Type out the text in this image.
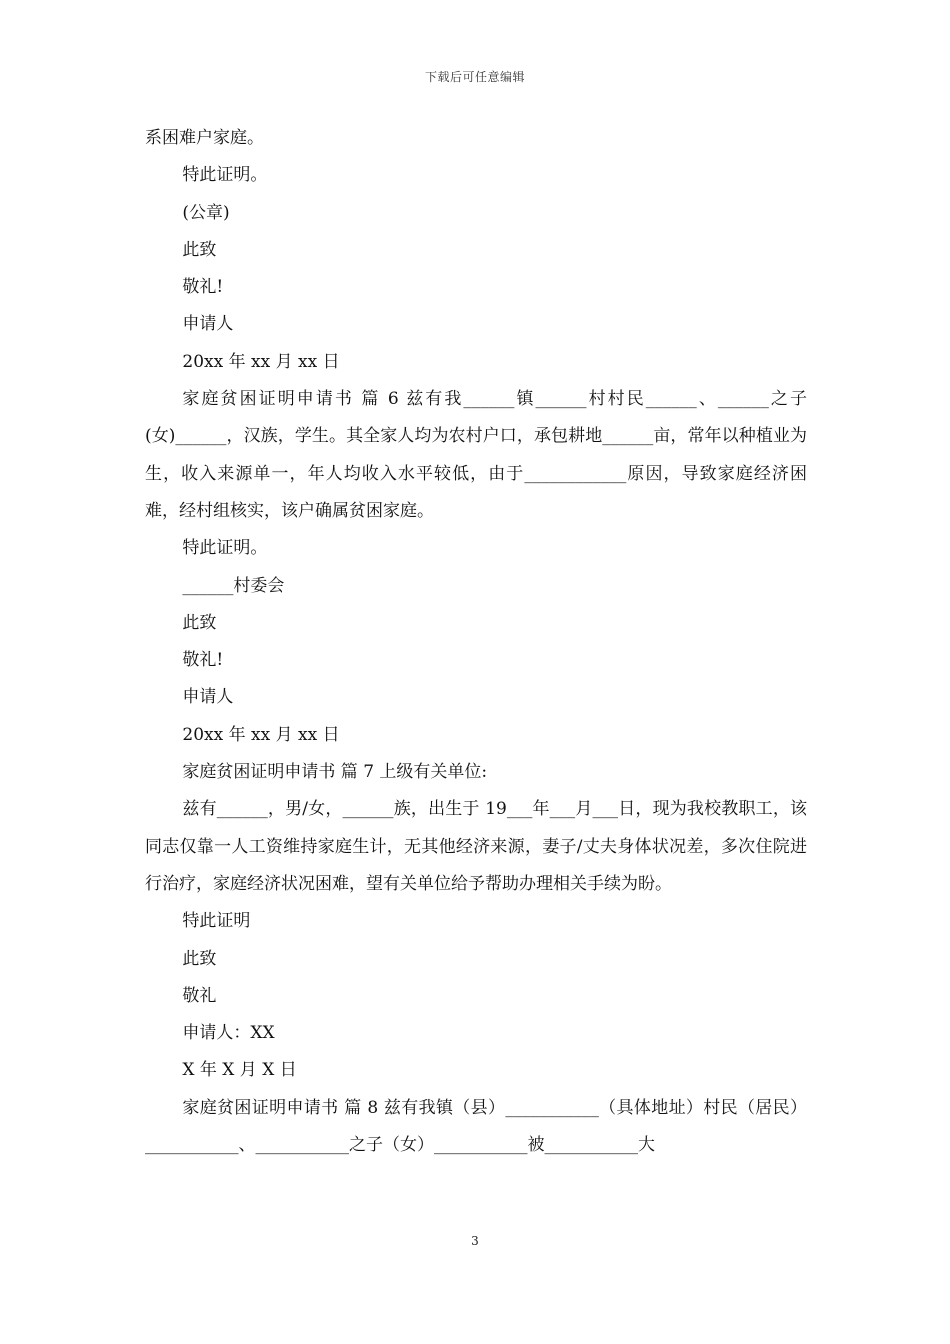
下载后可任意编辑

系困难户家庭。

特此证明。

(公章)

此致

敬礼!

申请人

20xx 年 xx 月 xx 日

家庭贫困证明申请书 篇 6 兹有我______镇______村村民______、______之子(女)______，汉族，学生。其全家人均为农村户口，承包耕地______亩，常年以种植业为生，收入来源单一，年人均收入水平较低，由于____________原因，导致家庭经济困难，经村组核实，该户确属贫困家庭。

特此证明。

______村委会

此致

敬礼!

申请人

20xx 年 xx 月 xx 日

家庭贫困证明申请书 篇 7 上级有关单位:

兹有______，男/女，______族，出生于 19___年___月___日，现为我校教职工，该同志仅靠一人工资维持家庭生计，无其他经济来源，妻子/丈夫身体状况差，多次住院进行治疗，家庭经济状况困难，望有关单位给予帮助办理相关手续为盼。

特此证明

此致

敬礼

申请人：XX

X 年 X 月 X 日

家庭贫困证明申请书 篇 8 兹有我镇（县）___________（具体地址）村民（居民）___________、___________之子（女）___________被___________大

3
